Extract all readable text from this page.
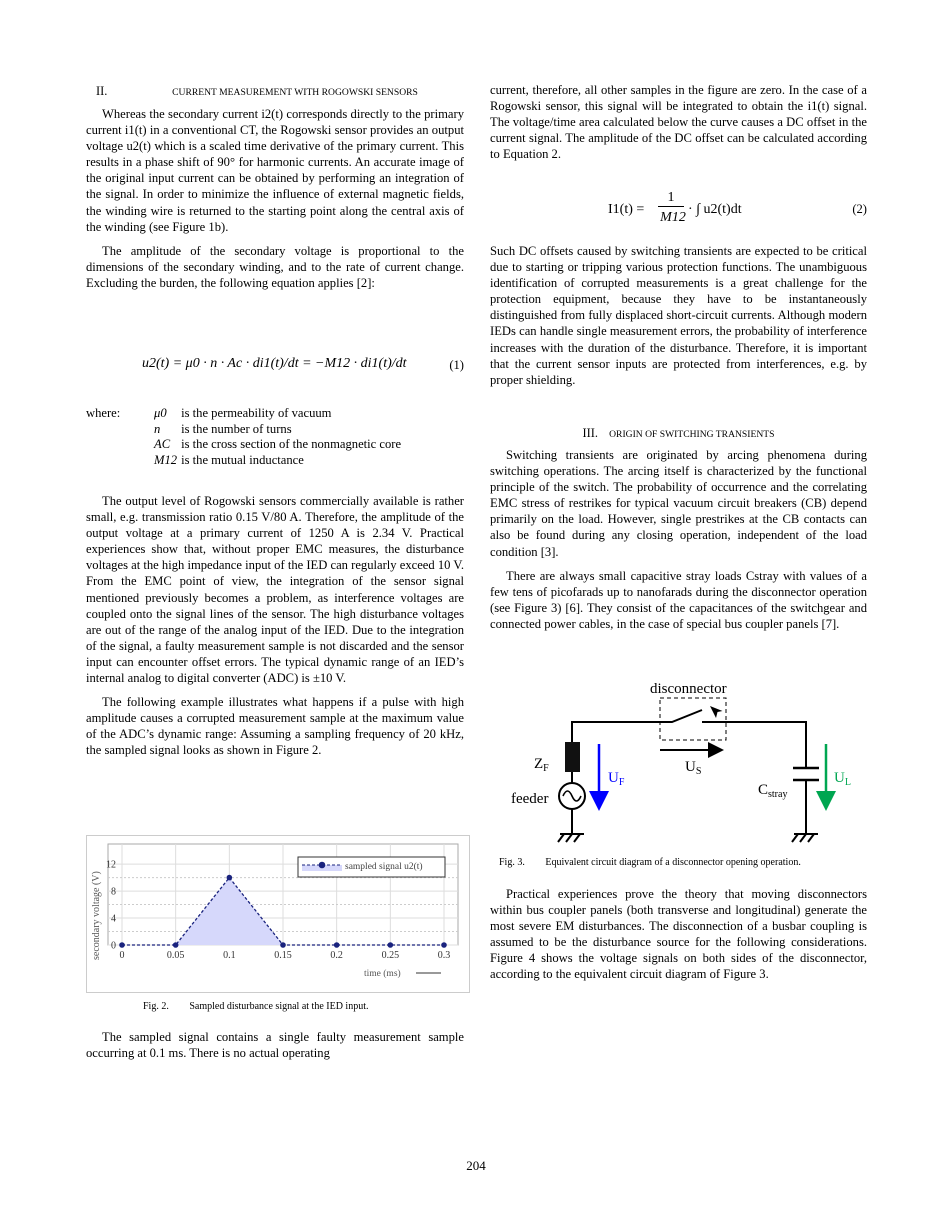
II.	CURRENT MEASUREMENT WITH ROGOWSKI SENSORS

Whereas the secondary current i2(t) corresponds directly to the primary current i1(t) in a conventional CT, the Rogowski sensor provides an output voltage u2(t) which is a scaled time derivative of the primary current. This results in a phase shift of 90° for harmonic currents. An accurate image of the original input current can be obtained by performing an integration of the signal. In order to minimize the influence of external magnetic fields, the winding wire is returned to the starting point along the central axis of the winding (see Figure 1b).

The amplitude of the secondary voltage is proportional to the dimensions of the secondary winding, and to the rate of current change. Excluding the burden, the following equation applies [2]:

u2(t) = μ0 · n · Ac · di1(t)/dt = −M12 · di1(t)/dt	(1)
where:	μ0	is the permeability of vacuum
	n	is the number of turns
	AC	is the cross section of the nonmagnetic core
	M12	is the mutual inductance

The output level of Rogowski sensors commercially available is rather small, e.g. transmission ratio 0.15 V/80 A. Therefore, the amplitude of the output voltage at a primary current of 1250 A is 2.34 V. Practical experiences show that, without proper EMC measures, the disturbance voltages at the high impedance input of the IED can regularly exceed 10 V. From the EMC point of view, the integration of the sensor signal mentioned previously becomes a problem, as interference voltages are coupled onto the signal lines of the sensor. The high disturbance voltages are out of the range of the analog input of the IED. Due to the integration of the signal, a faulty measurement sample is not discarded and the sensor input can encounter offset errors. The typical dynamic range of an IED’s internal analog to digital converter (ADC) is ±10 V.

The following example illustrates what happens if a pulse with high amplitude causes a corrupted measurement sample at the maximum value of the ADC’s dynamic range: Assuming a sampling frequency of 20 kHz, the sampled signal looks as shown in Figure 2.

0	0.05	0.1	0.15	0.2	0.25	0.3
0
4
8
12
secondary voltage (V)
time (ms)
sampled signal u2(t)
Fig. 2. Sampled disturbance signal at the IED input.

The sampled signal contains a single faulty measurement sample occurring at 0.1 ms. There is no actual operating

current, therefore, all other samples in the figure are zero. In the case of a Rogowski sensor, this signal will be integrated to obtain the i1(t) signal. The voltage/time area calculated below the curve causes a DC offset in the current signal. The amplitude of the DC offset can be calculated according to Equation 2.

I1(t) =
1
M12
· ∫ u2(t)dt	(2)

Such DC offsets caused by switching transients are expected to be critical due to starting or tripping various protection functions. The unambiguous identification of corrupted measurements is a great challenge for the protection equipment, because they have to be instantaneously distinguished from fully displaced short-circuit currents. Although modern IEDs can handle single measurement errors, the probability of interference increases with the duration of the disturbance. Therefore, it is important that the current sensor inputs are protected from interferences, e.g. by proper shielding.

III. ORIGIN OF SWITCHING TRANSIENTS

Switching transients are originated by arcing phenomena during switching operations. The arcing itself is characterized by the functional principle of the switch. The probability of occurrence and the correlating EMC stress of restrikes for typical vacuum circuit breakers (CB) depend primarily on the load. However, single prestrikes at the CB contacts can also be found during any closing operation, independent of the load condition [3].

There are always small capacitive stray loads Cstray with values of a few tens of picofarads up to nanofarads during the disconnector operation (see Figure 3) [6]. They consist of the capacitances of the switchgear and connected power cables, in the case of special bus coupler panels [7].

disconnector
$Z_F$
feeder
$U_F$
$U_S$
$C_{stray}$
$U_L$
Fig. 3. Equivalent circuit diagram of a disconnector opening operation.

Practical experiences prove the theory that moving disconnectors within bus coupler panels (both transverse and longitudinal) generate the most severe EM disturbances. The disconnection of a busbar coupling is assumed to be the disturbance source for the following considerations. Figure 4 shows the voltage signals on both sides of the disconnector, according to the equivalent circuit diagram of Figure 3.

204
